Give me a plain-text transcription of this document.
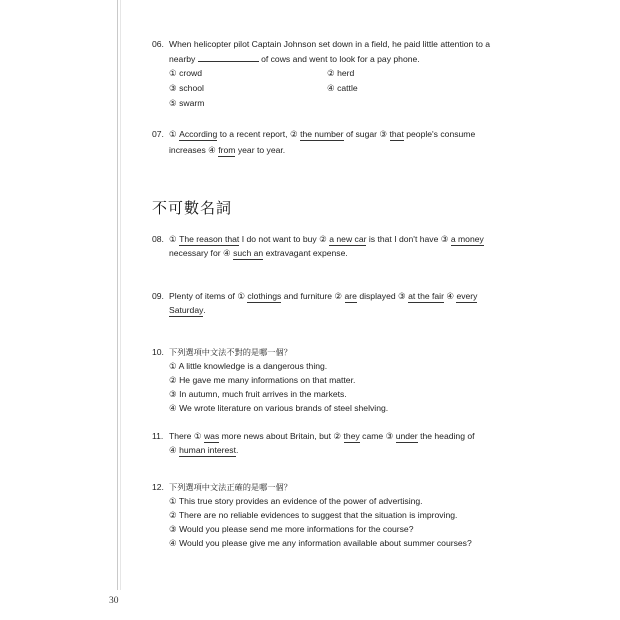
06. When helicopter pilot Captain Johnson set down in a field, he paid little attention to a
nearby	of cows and went to look for a pay phone.
① crowd	② herd
③ school	④ cattle
⑤ swarm
07. ① According to a recent report, ② the number of sugar ③ that people's consume
increases ④ from year to year.
不可數名詞
08. ① The reason that I do not want to buy ② a new car is that I don't have ③ a money
necessary for ④ such an extravagant expense.
09. Plenty of items of ① clothings and furniture ② are displayed ③ at the fair ④ every
Saturday.
10. 下列選項中文法不對的是哪一個？
① A little knowledge is a dangerous thing.
② He gave me many informations on that matter.
③ In autumn, much fruit arrives in the markets.
④ We wrote literature on various brands of steel shelving.
11. There ① was more news about Britain, but ② they came ③ under the heading of
④ human interest.
12. 下列選項中文法正確的是哪一個？
① This true story provides an evidence of the power of advertising.
② There are no reliable evidences to suggest that the situation is improving.
③ Would you please send me more informations for the course?
④ Would you please give me any information available about summer courses?
30
